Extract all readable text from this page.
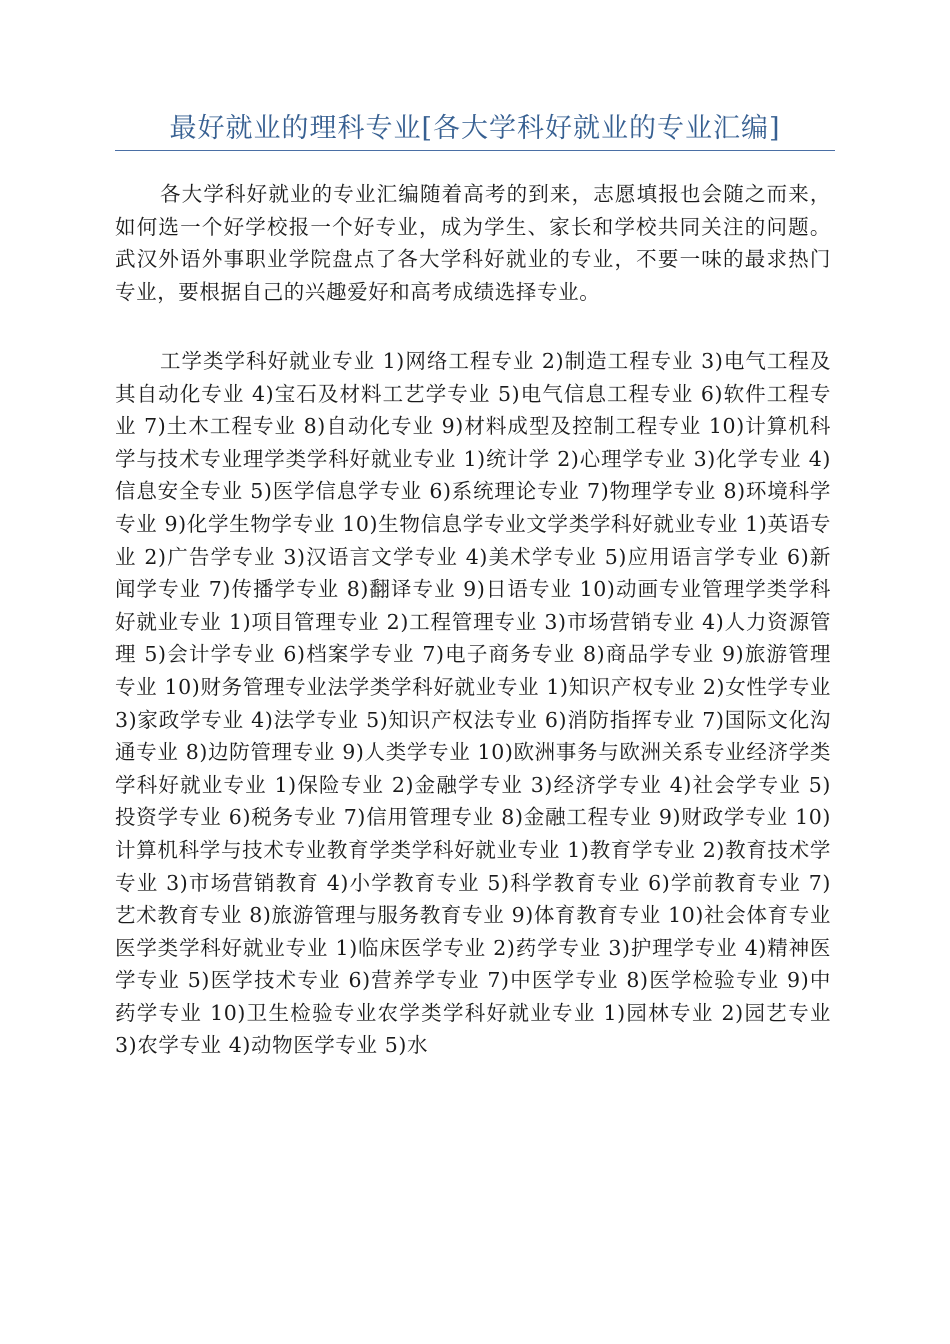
最好就业的理科专业[各大学科好就业的专业汇编]

各大学科好就业的专业汇编随着高考的到来，志愿填报也会随之而来，如何选一个好学校报一个好专业，成为学生、家长和学校共同关注的问题。武汉外语外事职业学院盘点了各大学科好就业的专业，不要一味的最求热门专业，要根据自己的兴趣爱好和高考成绩选择专业。

工学类学科好就业专业 1)网络工程专业 2)制造工程专业 3)电气工程及其自动化专业 4)宝石及材料工艺学专业 5)电气信息工程专业 6)软件工程专业 7)土木工程专业 8)自动化专业 9)材料成型及控制工程专业 10)计算机科学与技术专业理学类学科好就业专业 1)统计学 2)心理学专业 3)化学专业 4)信息安全专业 5)医学信息学专业 6)系统理论专业 7)物理学专业 8)环境科学专业 9)化学生物学专业 10)生物信息学专业文学类学科好就业专业 1)英语专业 2)广告学专业 3)汉语言文学专业 4)美术学专业 5)应用语言学专业 6)新闻学专业 7)传播学专业 8)翻译专业 9)日语专业 10)动画专业管理学类学科好就业专业 1)项目管理专业 2)工程管理专业 3)市场营销专业 4)人力资源管理 5)会计学专业 6)档案学专业 7)电子商务专业 8)商品学专业 9)旅游管理专业 10)财务管理专业法学类学科好就业专业 1)知识产权专业 2)女性学专业 3)家政学专业 4)法学专业 5)知识产权法专业 6)消防指挥专业 7)国际文化沟通专业 8)边防管理专业 9)人类学专业 10)欧洲事务与欧洲关系专业经济学类学科好就业专业 1)保险专业 2)金融学专业 3)经济学专业 4)社会学专业 5)投资学专业 6)税务专业 7)信用管理专业 8)金融工程专业 9)财政学专业 10)计算机科学与技术专业教育学类学科好就业专业 1)教育学专业 2)教育技术学专业 3)市场营销教育 4)小学教育专业 5)科学教育专业 6)学前教育专业 7)艺术教育专业 8)旅游管理与服务教育专业 9)体育教育专业 10)社会体育专业医学类学科好就业专业 1)临床医学专业 2)药学专业 3)护理学专业 4)精神医学专业 5)医学技术专业 6)营养学专业 7)中医学专业 8)医学检验专业 9)中药学专业 10)卫生检验专业农学类学科好就业专业 1)园林专业 2)园艺专业 3)农学专业 4)动物医学专业 5)水
